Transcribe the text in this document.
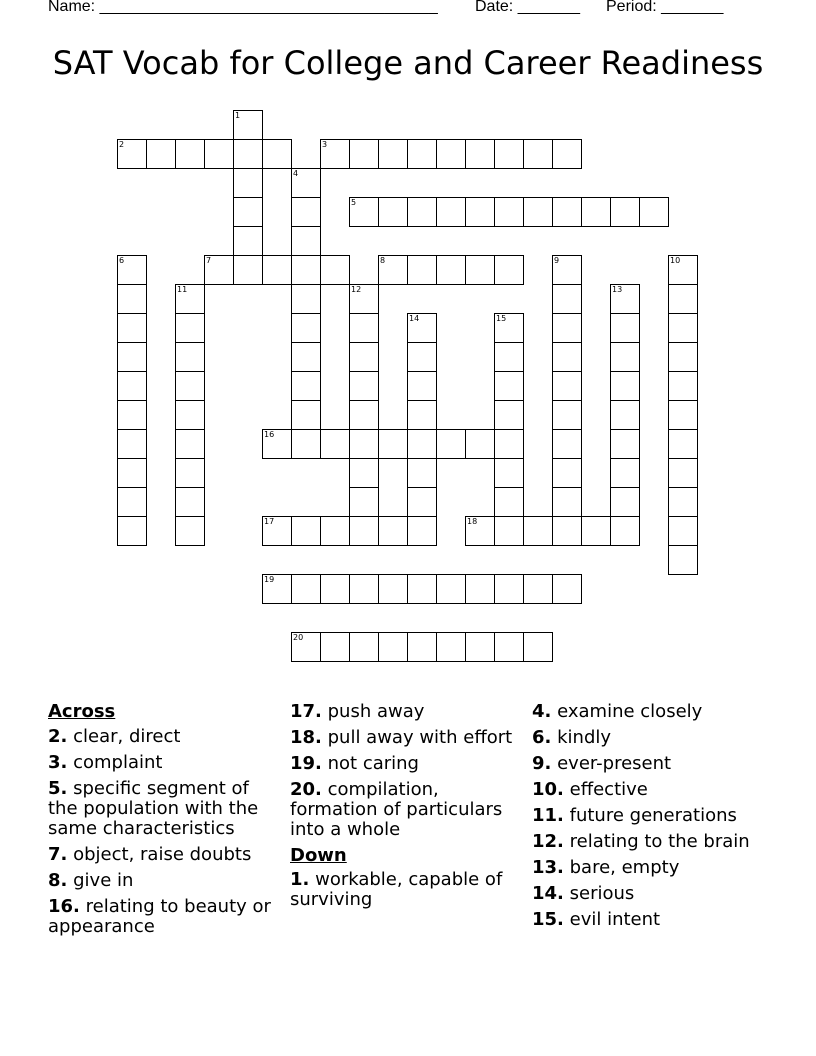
Name: ______________________________________ Date: _______ Period: _______
SAT Vocab for College and Career Readiness
1
2	3
4
5
6	7	8	9	10
11	12	13
14	15
16
17	18
19
20
Across
2. clear, direct
3. complaint
5. specific segment of the population with the same characteristics
7. object, raise doubts
8. give in
16. relating to beauty or appearance
17. push away
18. pull away with effort
19. not caring
20. compilation, formation of particulars into a whole
Down
1. workable, capable of surviving
4. examine closely
6. kindly
9. ever-present
10. effective
11. future generations
12. relating to the brain
13. bare, empty
14. serious
15. evil intent
